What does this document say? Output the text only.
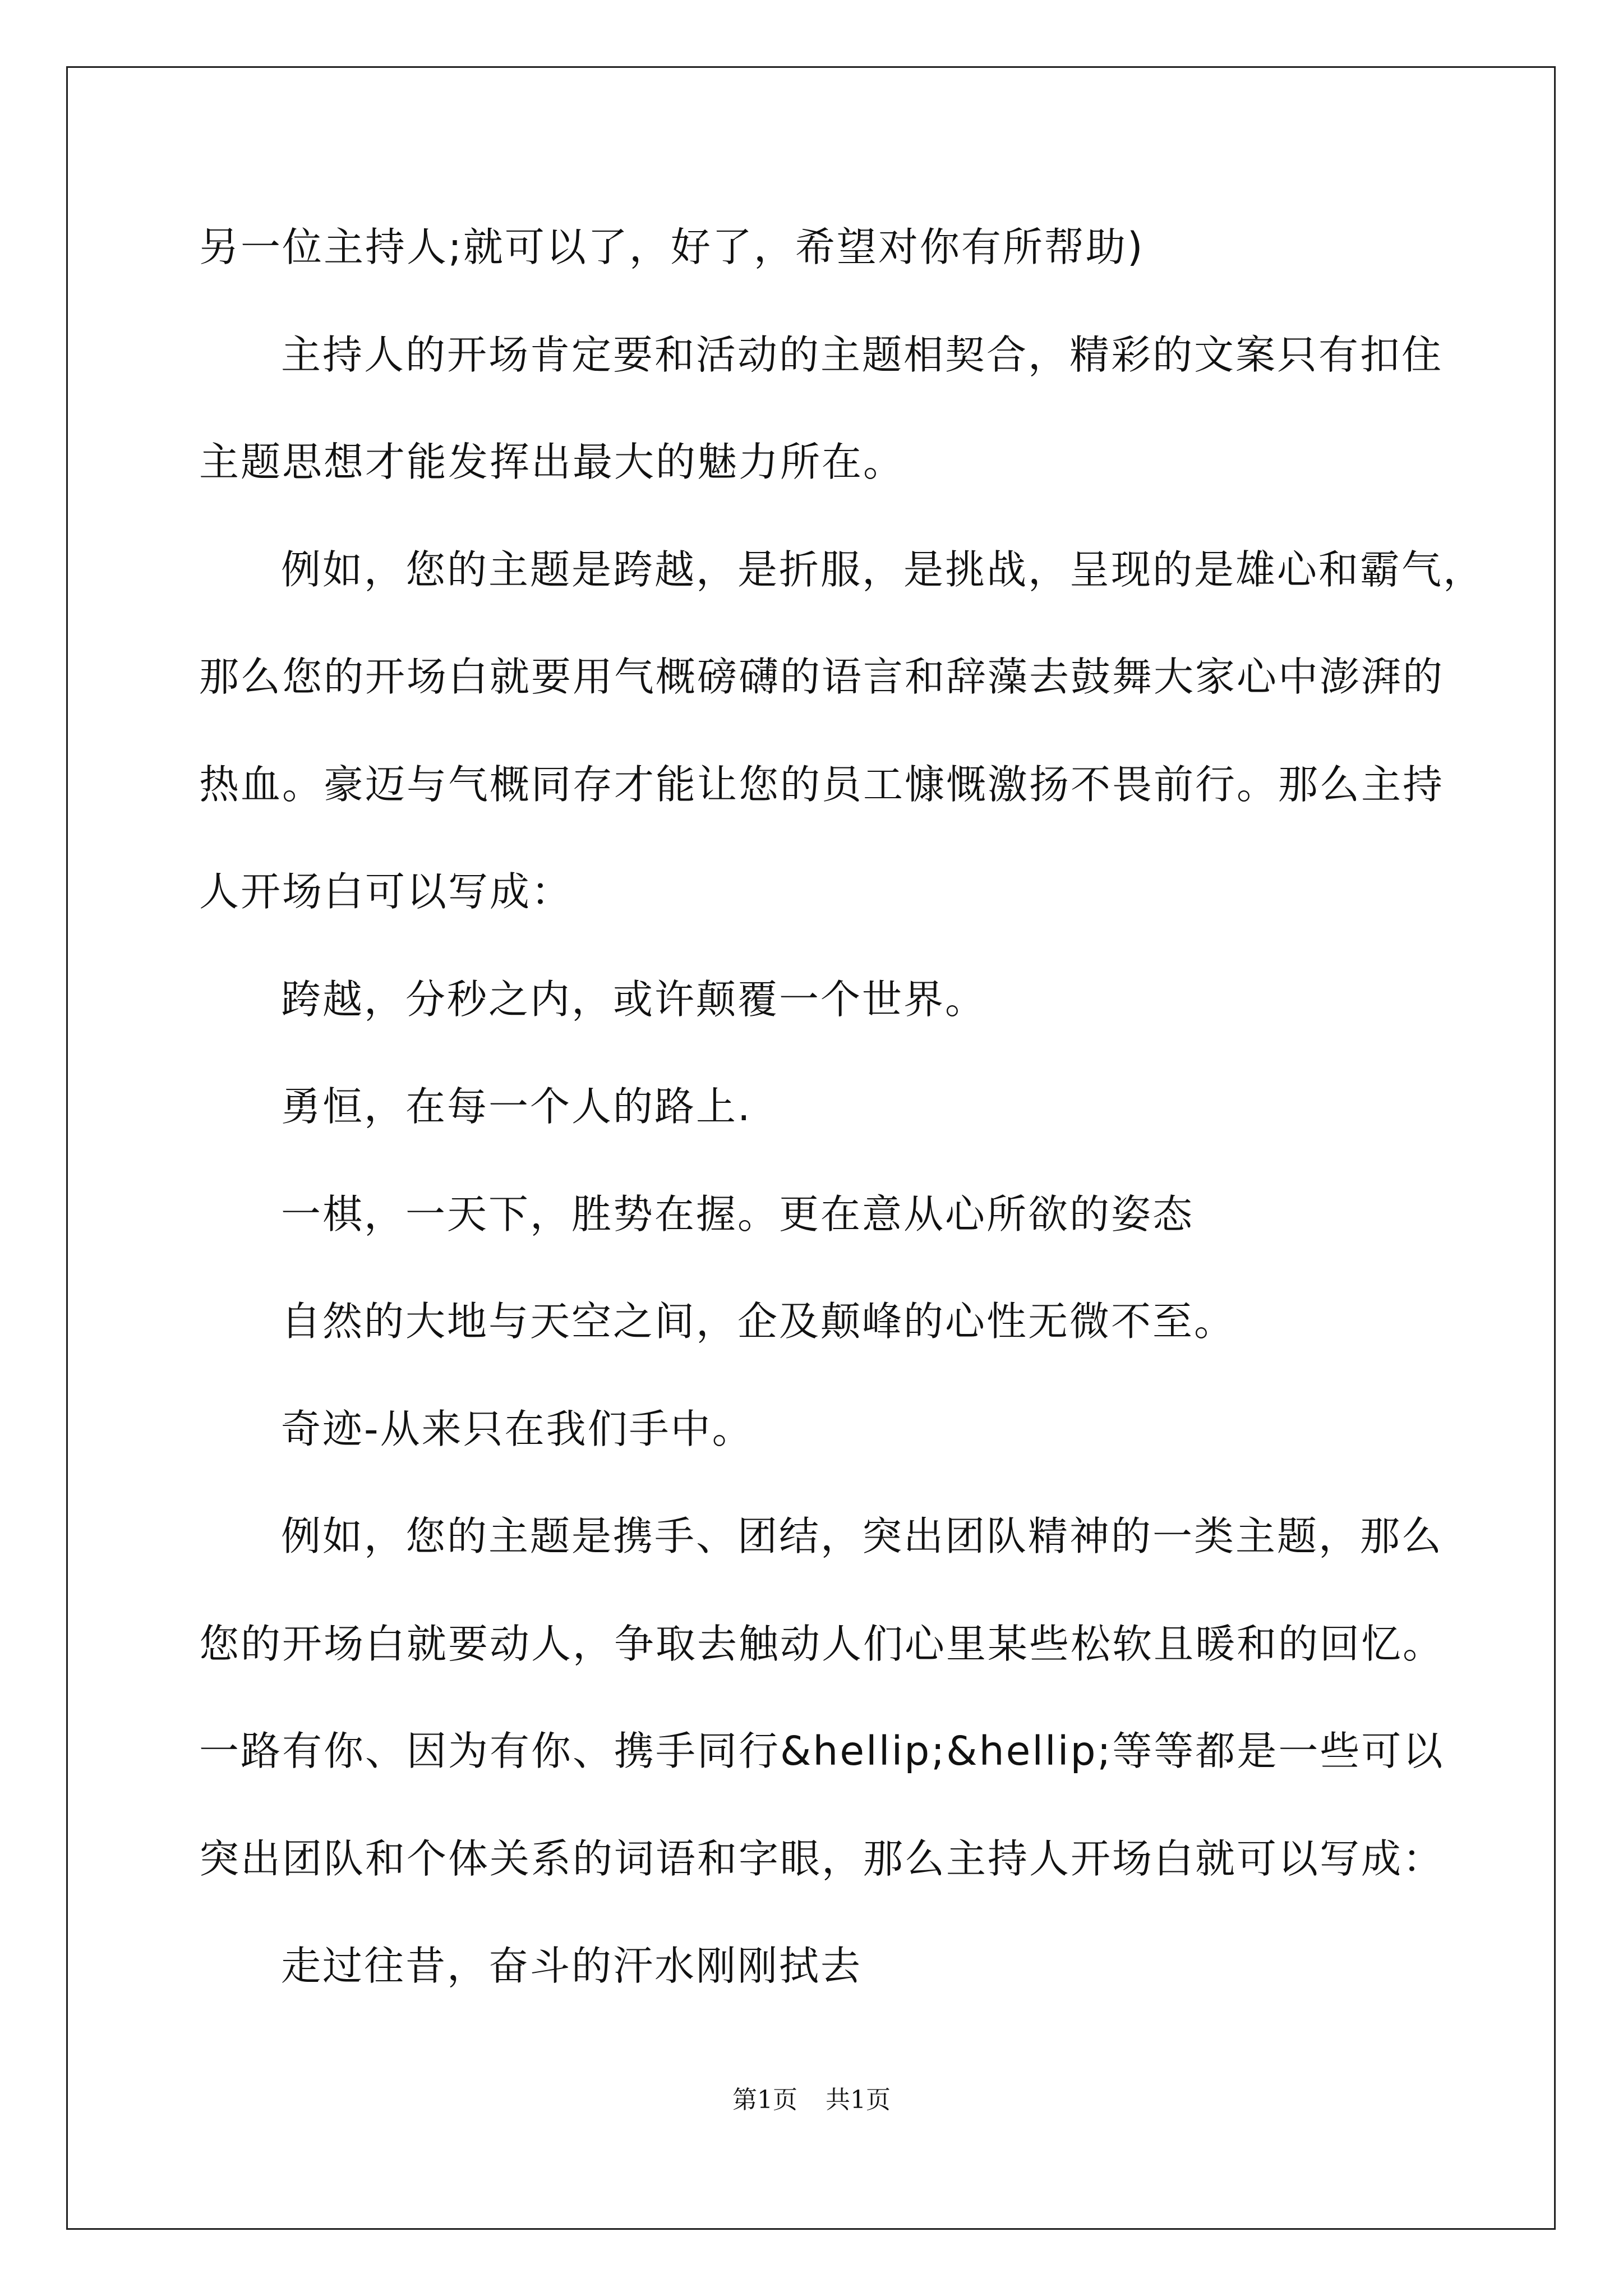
另一位主持人;就可以了，好了，希望对你有所帮助)
主持人的开场肯定要和活动的主题相契合，精彩的文案只有扣住
主题思想才能发挥出最大的魅力所在。
例如，您的主题是跨越，是折服，是挑战，呈现的是雄心和霸气，
那么您的开场白就要用气概磅礴的语言和辞藻去鼓舞大家心中澎湃的
热血。豪迈与气概同存才能让您的员工慷慨激扬不畏前行。那么主持
人开场白可以写成：
跨越，分秒之内，或许颠覆一个世界。
勇恒，在每一个人的路上.
一棋，一天下，胜势在握。更在意从心所欲的姿态
自然的大地与天空之间，企及颠峰的心性无微不至。
奇迹-从来只在我们手中。
例如，您的主题是携手、团结，突出团队精神的一类主题，那么
您的开场白就要动人，争取去触动人们心里某些松软且暖和的回忆。
一路有你、因为有你、携手同行&hellip;&hellip;等等都是一些可以
突出团队和个体关系的词语和字眼，那么主持人开场白就可以写成：
走过往昔，奋斗的汗水刚刚拭去
第1页 共1页
